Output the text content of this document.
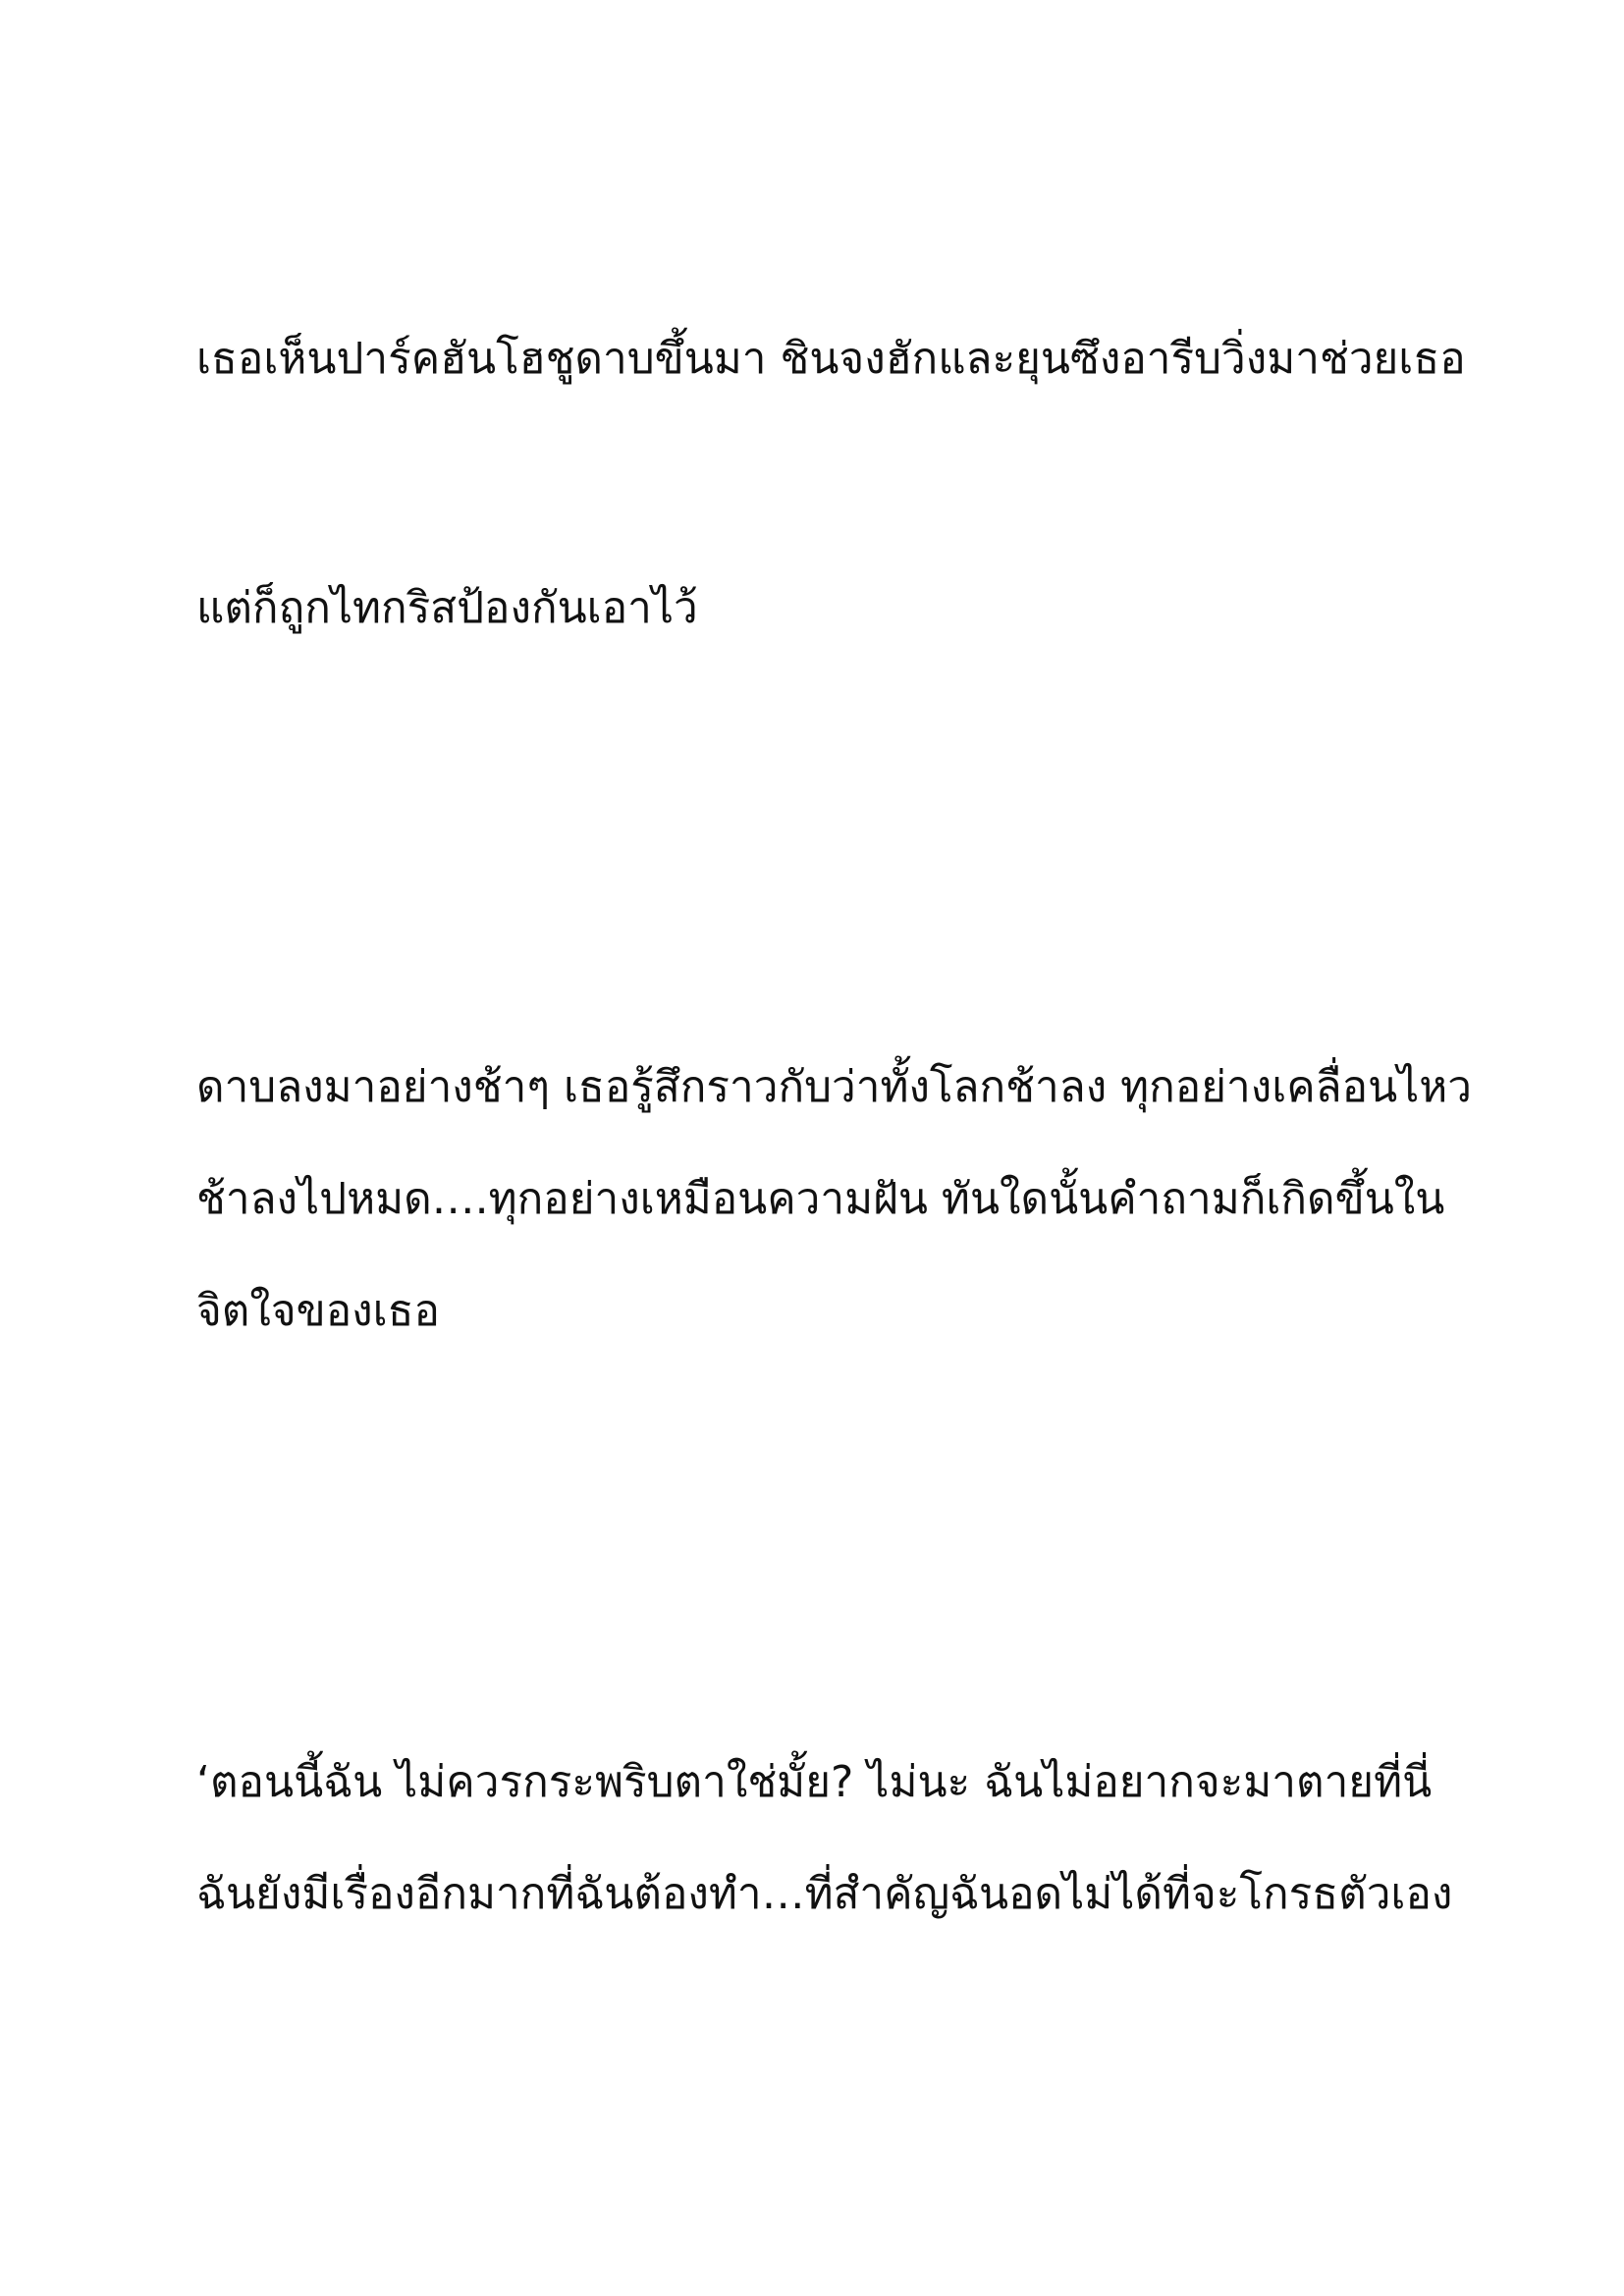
เธอเห็นปาร์คฮันโฮชูดาบขึ้นมา ชินจงฮักและยุนซึงอารีบวิ่งมาช่วยเธอ

แต่ก็ถูกไทกริสป้องกันเอาไว้

ดาบลงมาอย่างช้าๆ เธอรู้สึกราวกับว่าทั้งโลกช้าลง ทุกอย่างเคลื่อนไหว

ช้าลงไปหมด….ทุกอย่างเหมือนความฝัน ทันใดนั้นคำถามก็เกิดขึ้นใน

จิตใจของเธอ

‘ตอนนี้ฉัน ไม่ควรกระพริบตาใช่มั้ย? ไม่นะ ฉันไม่อยากจะมาตายที่นี่

ฉันยังมีเรื่องอีกมากที่ฉันต้องทำ…ที่สำคัญฉันอดไม่ได้ที่จะโกรธตัวเอง
